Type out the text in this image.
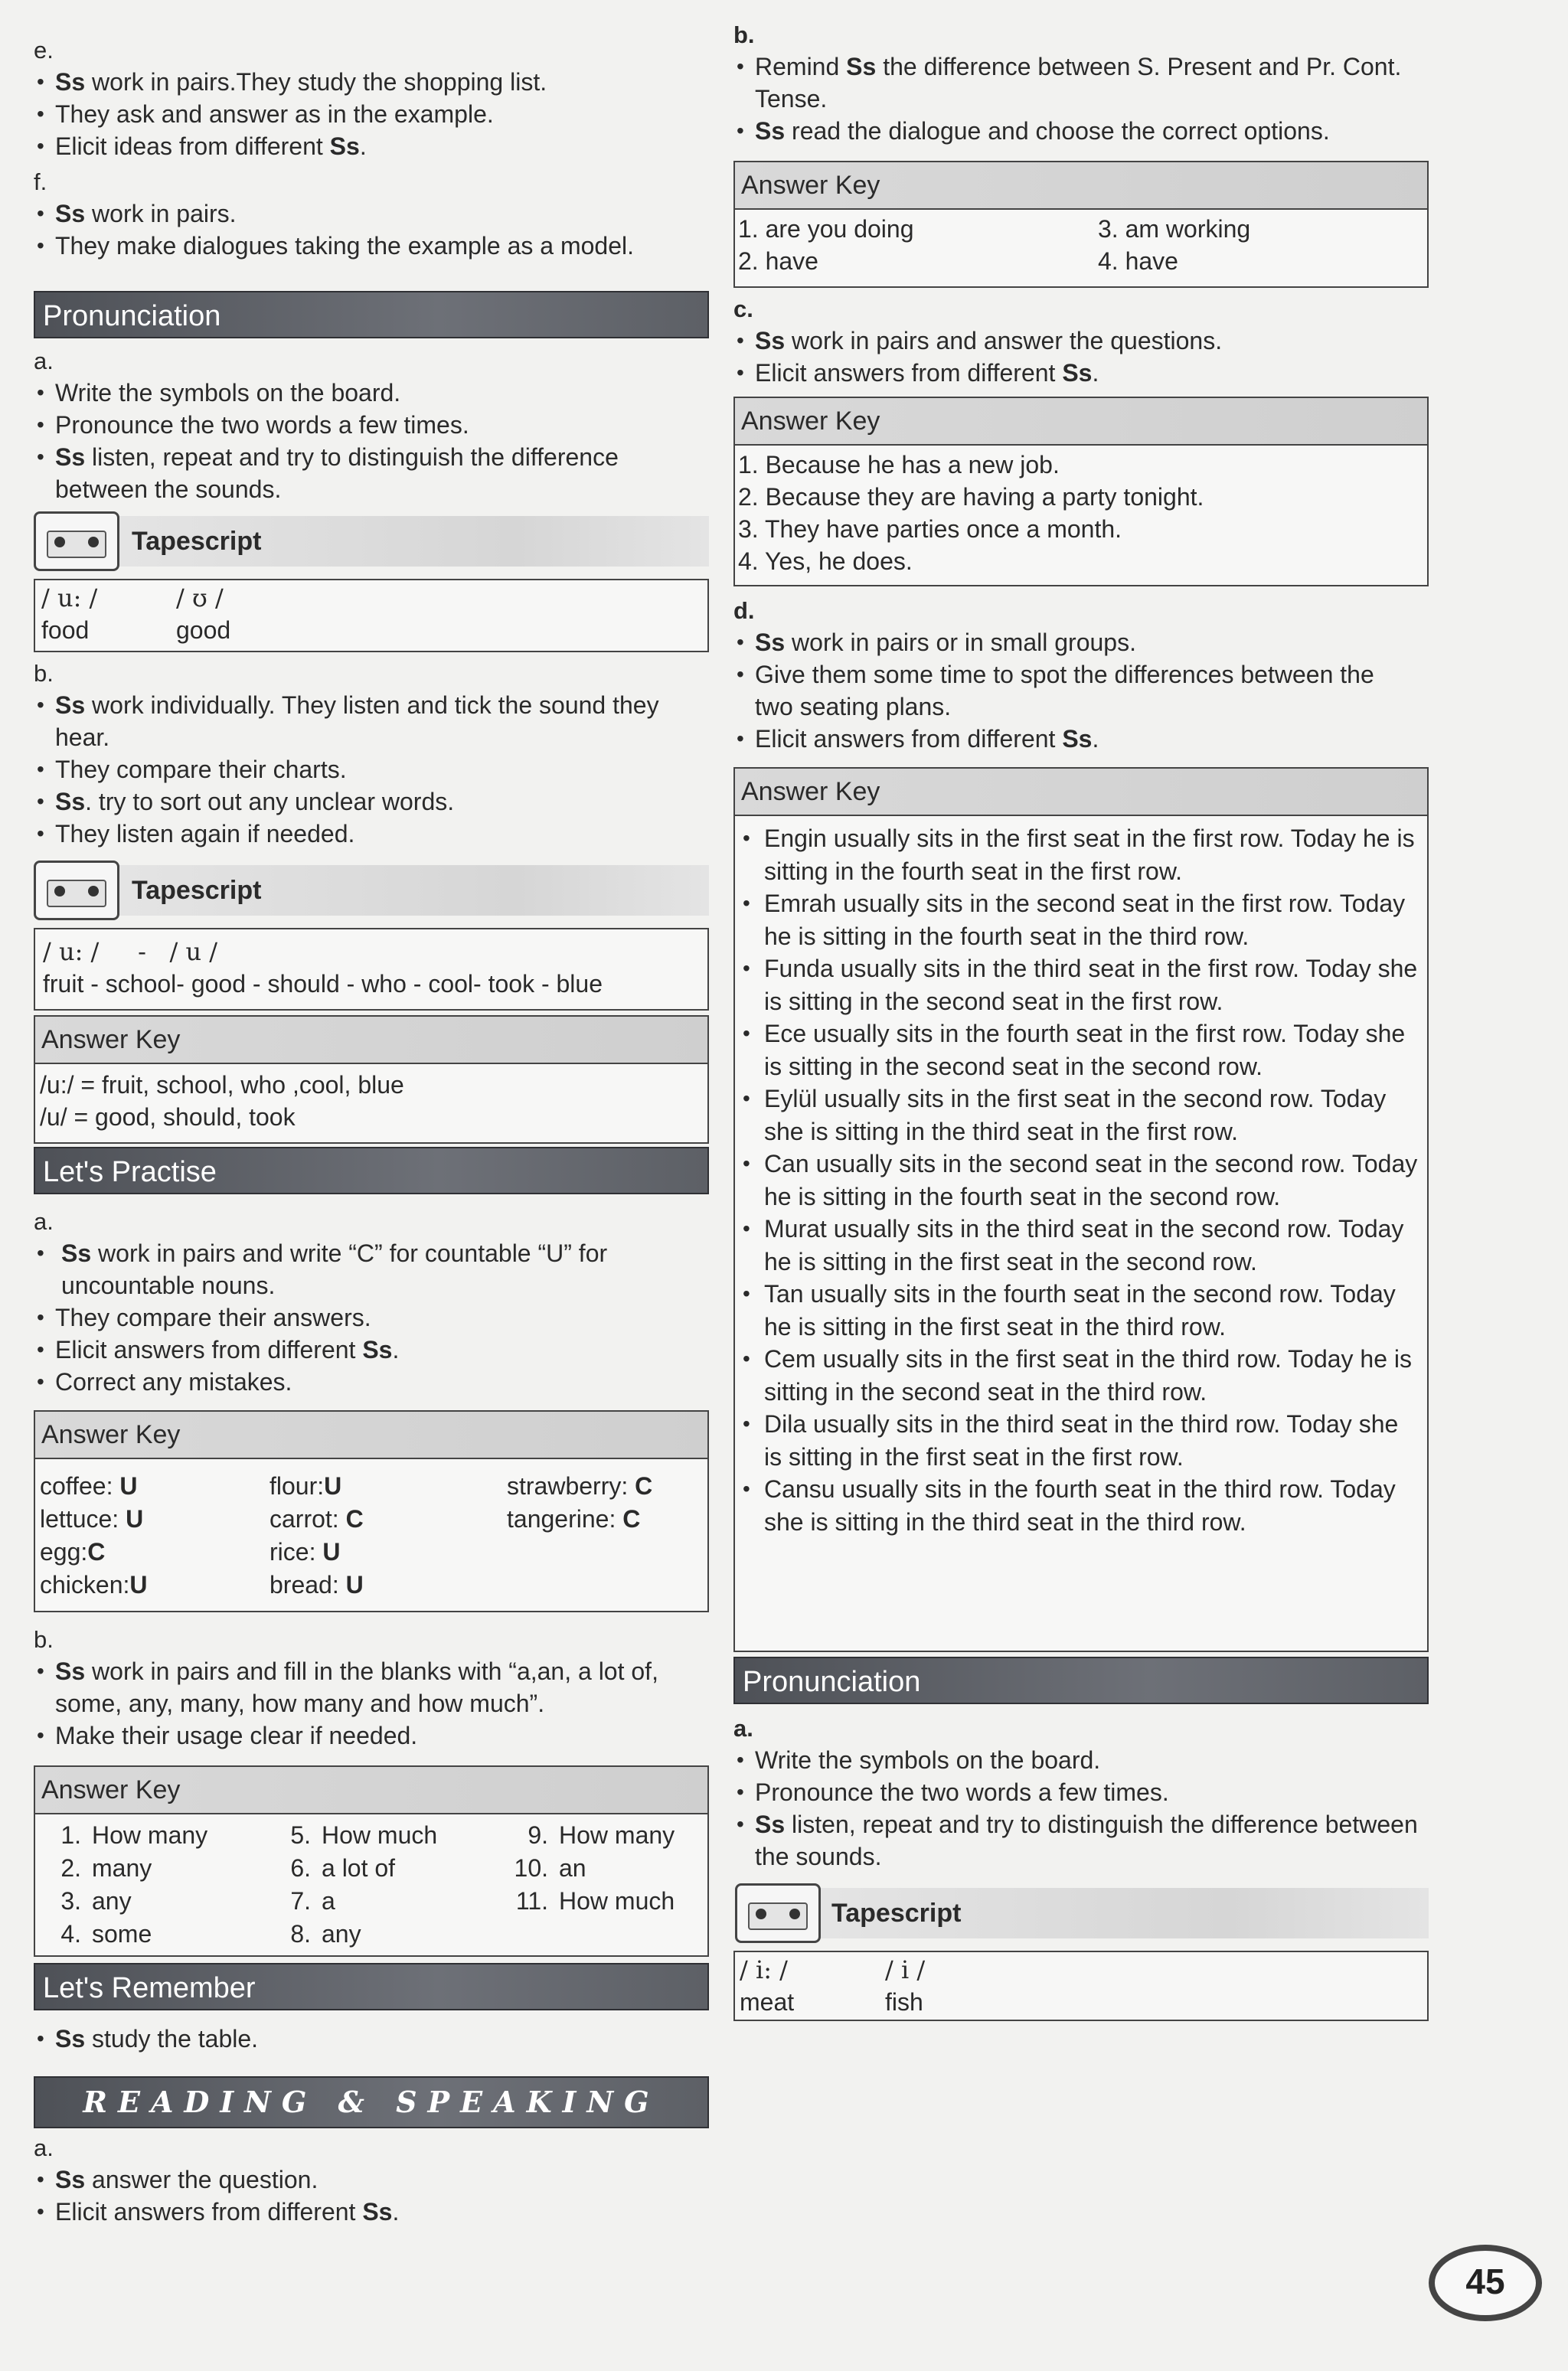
e.

• Ss work in pairs.They study the shopping list.
• They ask and answer as in the example.
• Elicit ideas from different Ss.

f.

• Ss work in pairs.
• They make dialogues taking the example as a model.
Pronunciation

a.

• Write the symbols on the board.
• Pronounce the two words a few times.
• Ss listen, repeat and try to distinguish the difference between the sounds.
Tapescript
/ u: /	/ ʊ /
food	good

b.

• Ss work individually. They listen and tick the sound they hear.
• They compare their charts.
• Ss. try to sort out any unclear words.
• They listen again if needed.
Tapescript
/ u: /     -   / u /
fruit - school- good - should - who - cool- took - blue
Answer Key
/u:/ = fruit, school, who ,cool, blue
/u/ = good, should, took
Let's Practise

a.

• Ss work in pairs and write “C” for countable “U” for uncountable nouns.
• They compare their answers.
• Elicit answers from different Ss.
• Correct any mistakes.
Answer Key
coffee: U	flour:U	strawberry: C
lettuce: U	carrot: C	tangerine: C
egg:C	rice: U
chicken:U	bread: U

b.

• Ss work in pairs and fill in the blanks with “a,an, a lot of, some, any, many, how many and how much”.
• Make their usage clear if needed.
Answer Key
1. How many	5. How much	9. How many
2. many	6. a lot of	10. an
3. any	7. a	11. How much
4. some	8. any
Let's Remember
• Ss study the table.
READING & SPEAKING

a.

• Ss answer the question.
• Elicit answers from different Ss.

b.

• Remind Ss the difference between S. Present and Pr. Cont. Tense.
• Ss read the dialogue and choose the correct options.
Answer Key
1. are you doing	3. am working
2. have	4. have

c.

• Ss work in pairs and answer the questions.
• Elicit answers from different Ss.
Answer Key
1. Because he has a new job.
2. Because they are having a party tonight.
3. They have parties once a month.
4. Yes, he does.

d.

• Ss work in pairs or in small groups.
• Give them some time to spot the differences between the two seating plans.
• Elicit answers from different Ss.
Answer Key
• Engin usually sits in the first seat in the first row. Today he is sitting in the fourth seat in the first row.
• Emrah usually sits in the second seat in the first row. Today he is sitting in the fourth seat in the third row.
• Funda usually sits in the third seat in the first row. Today she is sitting in the second seat in the first row.
• Ece usually sits in the fourth seat in the first row. Today she is sitting in the second seat in the second row.
• Eylül usually sits in the first seat in the second row. Today she is sitting in the third seat in the first row.
• Can usually sits in the second seat in the second row. Today he is sitting in the fourth seat in the second row.
• Murat usually sits in the third seat in the second row. Today he is sitting in the first seat in the second row.
• Tan usually sits in the fourth seat in the second row. Today he is sitting in the first seat in the third row.
• Cem usually sits in the first seat in the third row. Today he is sitting in the second seat in the third row.
• Dila usually sits in the third seat in the third row. Today she is sitting in the first seat in the first row.
• Cansu usually sits in the fourth seat in the third row. Today she is sitting in the third seat in the third row.
Pronunciation

a.

• Write the symbols on the board.
• Pronounce the two words a few times.
• Ss listen, repeat and try to distinguish the difference between the sounds.
Tapescript
/ i: /	/ i /
meat	fish
45
